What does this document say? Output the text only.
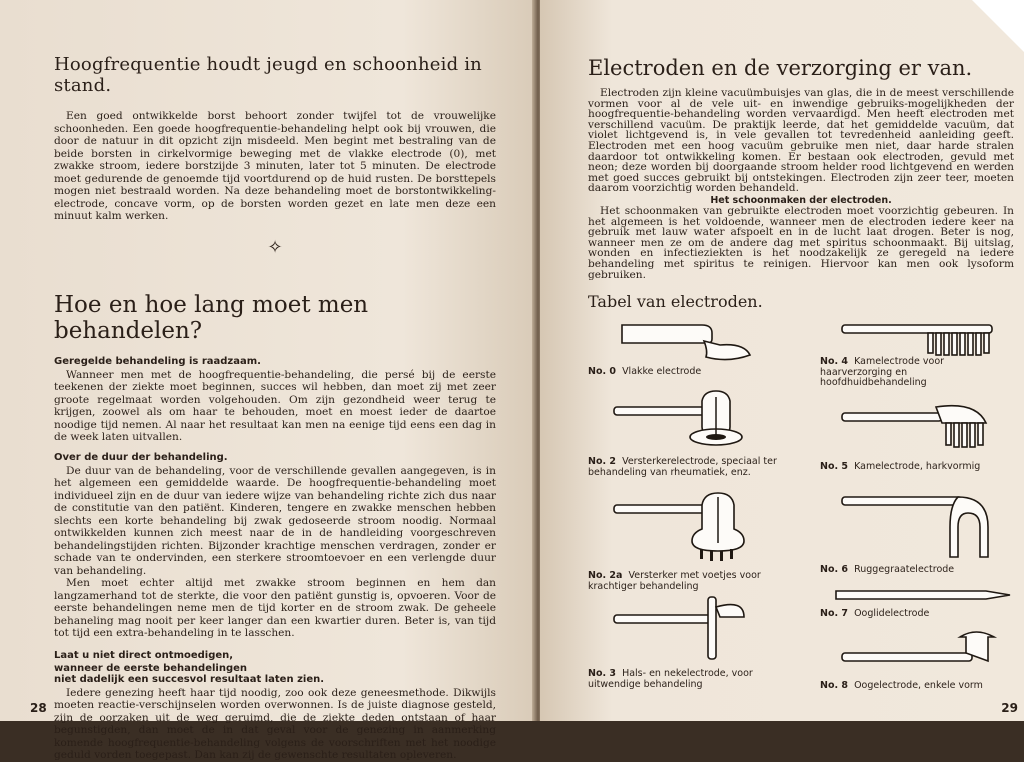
Hoogfrequentie houdt jeugd en schoonheid in stand.

Een goed ontwikkelde borst behoort zonder twijfel tot de vrouwelijke schoonheden. Een goede hoogfrequentie-behandeling helpt ook bij vrouwen, die door de natuur in dit opzicht zijn misdeeld. Men begint met bestraling van de beide borsten in cirkelvormige beweging met de vlakke electrode (0), met zwakke stroom, iedere borstzijde 3 minuten, later tot 5 minuten. De electrode moet gedurende de genoemde tijd voortdurend op de huid rusten. De borsttepels mogen niet bestraald worden. Na deze behandeling moet de borstontwikkeling-electrode, concave vorm, op de borsten worden gezet en late men deze een minuut kalm werken.

✧
Hoe en hoe lang moet men behandelen?
Geregelde behandeling is raadzaam.

Wanneer men met de hoogfrequentie-behandeling, die persé bij de eerste teekenen der ziekte moet beginnen, succes wil hebben, dan moet zij met zeer groote regelmaat worden volgehouden. Om zijn gezondheid weer terug te krijgen, zoowel als om haar te behouden, moet en moest ieder de daartoe noodige tijd nemen. Al naar het resultaat kan men na eenige tijd eens een dag in de week laten uitvallen.

Over de duur der behandeling.

De duur van de behandeling, voor de verschillende gevallen aangegeven, is in het algemeen een gemiddelde waarde. De hoogfrequentie-behandeling moet individueel zijn en de duur van iedere wijze van behandeling richte zich dus naar de constitutie van den patiënt. Kinderen, tengere en zwakke menschen hebben slechts een korte behandeling bij zwak gedoseerde stroom noodig. Normaal ontwikkelden kunnen zich meest naar de in de handleiding voorgeschreven behandelingstijden richten. Bijzonder krachtige menschen verdragen, zonder er schade van te ondervinden, een sterkere stroomtoevoer en een verlengde duur van behandeling.

Men moet echter altijd met zwakke stroom beginnen en hem dan langzamerhand tot de sterkte, die voor den patiënt gunstig is, opvoeren. Voor de eerste behandelingen neme men de tijd korter en de stroom zwak. De geheele behaneling mag nooit per keer langer dan een kwartier duren. Beter is, van tijd tot tijd een extra-behandeling in te lasschen.

Laat u niet direct ontmoedigen,
wanneer de eerste behandelingen
niet dadelijk een succesvol resultaat laten zien.

Iedere genezing heeft haar tijd noodig, zoo ook deze geneesmethode. Dikwijls moeten reactie-verschijnselen worden overwonnen. Is de juiste diagnose gesteld, zijn de oorzaken uit de weg geruimd, die de ziekte deden ontstaan of haar begunstigden, dan moet de in dat geval voor de genezing in aanmerking komende hoogfrequentie-behandeling volgens de voorschriften met het noodige geduld vorden toegepast. Dan kan zij de gewenschte resultaten opleveren.

28
Electroden en de verzorging er van.

Electroden zijn kleine vacuümbuisjes van glas, die in de meest verschillende vormen voor al de vele uit- en inwendige gebruiks-mogelijkheden der hoogfrequentie-behandeling worden vervaardigd. Men heeft electroden met verschillend vacuüm. De praktijk leerde, dat het gemiddelde vacuüm, dat violet lichtgevend is, in vele gevallen tot tevredenheid aanleiding geeft. Electroden met een hoog vacuüm gebruike men niet, daar harde stralen daardoor tot ontwikkeling komen. Er bestaan ook electroden, gevuld met neon; deze worden bij doorgaande stroom helder rood lichtgevend en werden met goed succes gebruikt bij ontstekingen. Electroden zijn zeer teer, moeten daarom voorzichtig worden behandeld.

Het schoonmaken der electroden.

Het schoonmaken van gebruikte electroden moet voorzichtig gebeuren. In het algemeen is het voldoende, wanneer men de electroden iedere keer na gebruik met lauw water afspoelt en in de lucht laat drogen. Beter is nog, wanneer men ze om de andere dag met spiritus schoonmaakt. Bij uitslag, wonden en infectieziekten is het noodzakelijk ze geregeld na iedere behandeling met spiritus te reinigen. Hiervoor kan men ook lysoform gebruiken.

Tabel van electroden.
No. 0 Vlakke electrode
No. 4 Kamelectrode voor haarverzorging en hoofdhuidbehandeling
No. 2 Versterkerelectrode, speciaal ter behandeling van rheumatiek, enz.	No. 5 Kamelectrode, harkvormig
No. 6 Ruggegraatelectrode
No. 2a Versterker met voetjes voor krachtiger behandeling
No. 7 Ooglidelectrode
No. 3 Hals- en nekelectrode, voor uitwendige behandeling	No. 8 Oogelectrode, enkele vorm
29
